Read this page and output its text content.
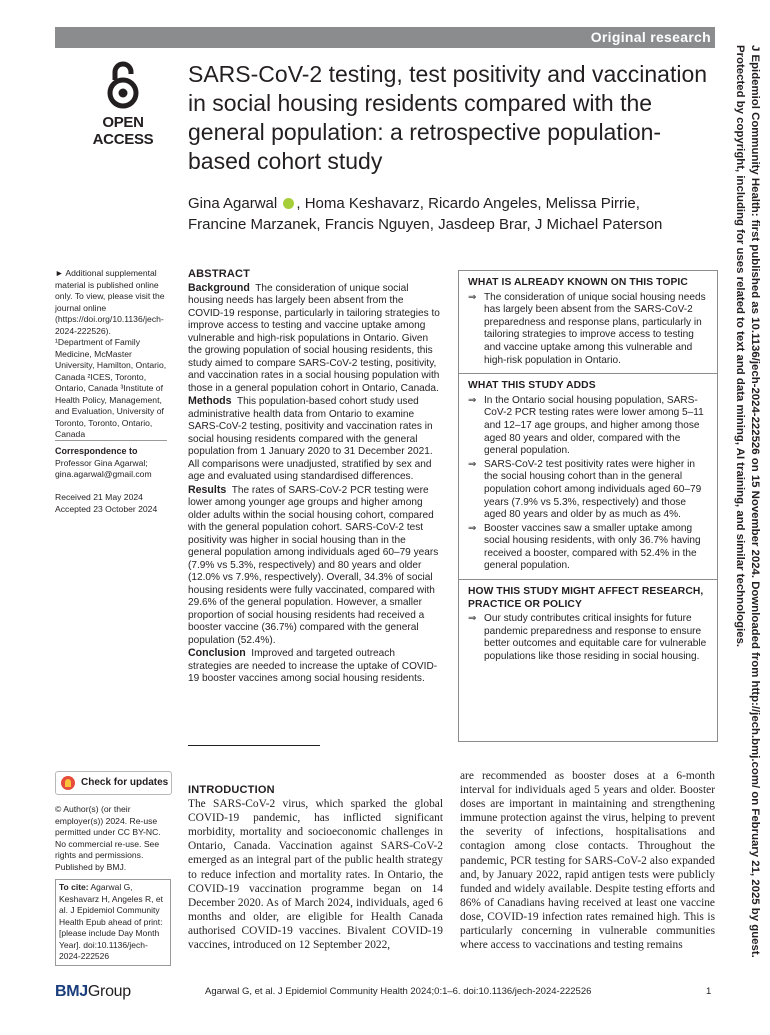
Original research
OPEN ACCESS
SARS-CoV-2 testing, test positivity and vaccination in social housing residents compared with the general population: a retrospective population-based cohort study
Gina Agarwal , Homa Keshavarz, Ricardo Angeles, Melissa Pirrie,
Francine Marzanek, Francis Nguyen, Jasdeep Brar, J Michael Paterson
► Additional supplemental material is published online only. To view, please visit the journal online (https://doi.org/10.1136/jech-2024-222526).
¹Department of Family Medicine, McMaster University, Hamilton, Ontario, Canada ²ICES, Toronto, Ontario, Canada ³Institute of Health Policy, Management, and Evaluation, University of Toronto, Toronto, Ontario, Canada
Correspondence to
Professor Gina Agarwal; gina.agarwal@gmail.com
Received 21 May 2024
Accepted 23 October 2024
Check for updates
© Author(s) (or their employer(s)) 2024. Re-use permitted under CC BY-NC. No commercial re-use. See rights and permissions. Published by BMJ.
To cite: Agarwal G, Keshavarz H, Angeles R, et al. J Epidemiol Community Health Epub ahead of print: [please include Day Month Year]. doi:10.1136/jech-2024-222526
ABSTRACT

Background The consideration of unique social housing needs has largely been absent from the COVID-19 response, particularly in tailoring strategies to improve access to testing and vaccine uptake among vulnerable and high-risk populations in Ontario. Given the growing population of social housing residents, this study aimed to compare SARS-CoV-2 testing, positivity, and vaccination rates in a social housing population with those in a general population cohort in Ontario, Canada.

Methods This population-based cohort study used administrative health data from Ontario to examine SARS-CoV-2 testing, positivity and vaccination rates in social housing residents compared with the general population from 1 January 2020 to 31 December 2021. All comparisons were unadjusted, stratified by sex and age and evaluated using standardised differences.

Results The rates of SARS-CoV-2 PCR testing were lower among younger age groups and higher among older adults within the social housing cohort, compared with the general population cohort. SARS-CoV-2 test positivity was higher in social housing than in the general population among individuals aged 60–79 years (7.9% vs 5.3%, respectively) and 80 years and older (12.0% vs 7.9%, respectively). Overall, 34.3% of social housing residents were fully vaccinated, compared with 29.6% of the general population. However, a smaller proportion of social housing residents had received a booster vaccine (36.7%) compared with the general population (52.4%).

Conclusion Improved and targeted outreach strategies are needed to increase the uptake of COVID-19 booster vaccines among social housing residents.

WHAT IS ALREADY KNOWN ON THIS TOPIC
⇒ The consideration of unique social housing needs has largely been absent from the SARS-CoV-2 preparedness and response plans, particularly in tailoring strategies to improve access to testing and vaccine uptake among this vulnerable and high-risk population in Ontario.
WHAT THIS STUDY ADDS
⇒ In the Ontario social housing population, SARS-CoV-2 PCR testing rates were lower among 5–11 and 12–17 age groups, and higher among those aged 80 years and older, compared with the general population.
⇒ SARS-CoV-2 test positivity rates were higher in the social housing cohort than in the general population cohort among individuals aged 60–79 years (7.9% vs 5.3%, respectively) and those aged 80 years and older by as much as 4%.
⇒ Booster vaccines saw a smaller uptake among social housing residents, with only 36.7% having received a booster, compared with 52.4% in the general population.
HOW THIS STUDY MIGHT AFFECT RESEARCH, PRACTICE OR POLICY
⇒ Our study contributes critical insights for future pandemic preparedness and response to ensure better outcomes and equitable care for vulnerable populations like those residing in social housing.
INTRODUCTION

The SARS-CoV-2 virus, which sparked the global COVID-19 pandemic, has inflicted significant morbidity, mortality and socioeconomic challenges in Ontario, Canada. Vaccination against SARS-CoV-2 emerged as an integral part of the public health strategy to reduce infection and mortality rates. In Ontario, the COVID-19 vaccination programme began on 14 December 2020. As of March 2024, individuals, aged 6 months and older, are eligible for Health Canada authorised COVID-19 vaccines. Bivalent COVID-19 vaccines, introduced on 12 September 2022,

are recommended as booster doses at a 6-month interval for individuals aged 5 years and older. Booster doses are important in maintaining and strengthening immune protection against the virus, helping to prevent the severity of infections, hospitalisations and contagion among close contacts. Throughout the pandemic, PCR testing for SARS-CoV-2 also expanded and, by January 2022, rapid antigen tests were publicly funded and widely available. Despite testing efforts and 86% of Canadians having received at least one vaccine dose, COVID-19 infection rates remained high. This is particularly concerning in vulnerable communities where access to vaccinations and testing remains

BMJGroup	Agarwal G, et al. J Epidemiol Community Health 2024;0:1–6. doi:10.1136/jech-2024-222526	1
J Epidemiol Community Health: first published as 10.1136/jech-2024-222526 on 15 November 2024. Downloaded from http://jech.bmj.com/ on February 21, 2025 by guest.
Protected by copyright, including for uses related to text and data mining, AI training, and similar technologies.
